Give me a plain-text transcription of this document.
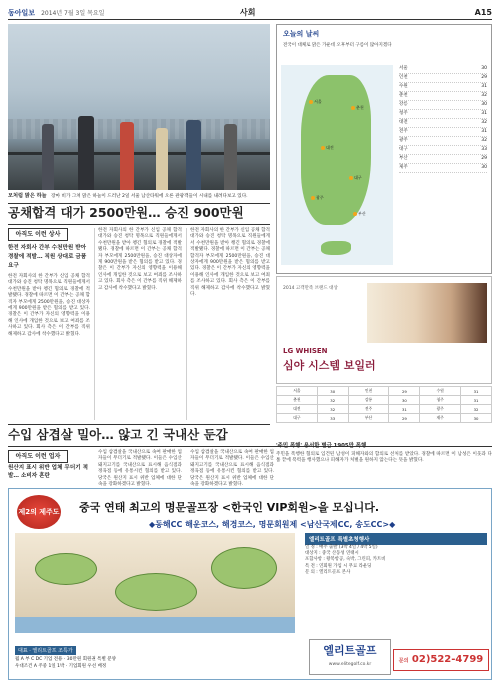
동아일보 2014년 7월 3일 목요일	사회	A15
모처럼 맑은 하늘 장마 비가 그쳐 맑은 하늘이 드러난 2일 서울 남산타워에 오른 관광객들이 시내를 내려다보고 있다.
공채합격 대가 2500만원… 승진 900만원
아직도 이런 상사
한전 자회사 간부 수천만원 받아 경찰에 적발… 직원 상대로 금품 요구
한전 자회사의 한 간부가 신입 공채 합격 대가와 승진 청탁 명목으로 직원들에게서 수천만원을 받아 챙긴 혐의로 경찰에 적발됐다. 경찰에 따르면 이 간부는 공채 합격자 부모에게 2500만원을, 승진 대상자에게 900만원을 받은 혐의를 받고 있다. 경찰은 이 간부가 자신의 영향력을 이용해 인사에 개입한 것으로 보고 여죄를 조사하고 있다. 회사 측은 이 간부를 직위 해제하고 감사에 착수했다고 밝혔다.
한전 자회사의 한 간부가 신입 공채 합격 대가와 승진 청탁 명목으로 직원들에게서 수천만원을 받아 챙긴 혐의로 경찰에 적발됐다. 경찰에 따르면 이 간부는 공채 합격자 부모에게 2500만원을, 승진 대상자에게 900만원을 받은 혐의를 받고 있다. 경찰은 이 간부가 자신의 영향력을 이용해 인사에 개입한 것으로 보고 여죄를 조사하고 있다. 회사 측은 이 간부를 직위 해제하고 감사에 착수했다고 밝혔다.
한전 자회사의 한 간부가 신입 공채 합격 대가와 승진 청탁 명목으로 직원들에게서 수천만원을 받아 챙긴 혐의로 경찰에 적발됐다. 경찰에 따르면 이 간부는 공채 합격자 부모에게 2500만원을, 승진 대상자에게 900만원을 받은 혐의를 받고 있다. 경찰은 이 간부가 자신의 영향력을 이용해 인사에 개입한 것으로 보고 여죄를 조사하고 있다. 회사 측은 이 간부를 직위 해제하고 감사에 착수했다고 밝혔다.
수입 삼겹살 밀아… 않고 긴 국내산 둔갑
아직도 이런 업자
원산지 표시 위반 업체 무더기 적발… 소비자 혼란
수입 삼겹살을 국내산으로 속여 판매한 업자들이 무더기로 적발됐다. 이들은 수입산 돼지고기를 국내산으로 표시해 음식점과 정육점 등에 유통시킨 혐의를 받고 있다. 당국은 원산지 표시 위반 업체에 대한 단속을 강화하겠다고 밝혔다.
수입 삼겹살을 국내산으로 속여 판매한 업자들이 무더기로 적발됐다. 이들은 수입산 돼지고기를 국내산으로 표시해 음식점과 정육점 등에 유통시킨 혐의를 받고 있다. 당국은 원산지 표시 위반 업체에 대한 단속을 강화하겠다고 밝혔다.
오늘의 날씨
전국이 대체로 맑은 가운데 오후부터 구름이 많아지겠다
서울
춘천
대전
대구
광주
부산
서울	30
인천	29
수원	31
춘천	32
강릉	30
청주	31
대전	32
전주	31
광주	32
대구	33
부산	29
제주	30
2014 고객만족 브랜드 대상
LG WHISEN
심야 시스템 보일러
서울	30	인천	29	수원	31
춘천	32	강릉	30	청주	31
대전	32	전주	31	광주	32
대구	33	부산	29	제주	30
'주민 폭행' 용서한 별급 1905만 폭행
주민을 폭행한 혐의로 입건된 남성이 피해자와의 합의로 선처를 받았다. 경찰에 따르면 이 남성은 이웃과 다툼 끝에 폭력을 행사했으나 피해자가 처벌을 원하지 않는다는 뜻을 밝혔다.
제2의 제주도 중국 연태 최고의 명문골프장 <한국인 VIP회원>을 모십니다.
◆동해CC 해운코스, 해경코스, 명문회원제 <남산국제CC, 송도CC>◆
엘리트골프 특별초청행사
일 정 : 매주 출발 (3박 4일 / 4박 5일)
대상지 : 중국 산동성 연태시
포함사항 : 왕복항공, 숙박, 그린피, 카트비
특 전 : 연회원 가입 시 무료 라운딩
문 의 : 엘리트골프 본사
대표 · 엘리트골프 조특가
월 A 부 C DC 기업 전용 · 30만원 회원권 특별 분양
우대조건 A 주중 1일 1박 · 기업회원 우선 배정
엘리트골프
www.elitegolf.co.kr
문의 02)522-4799
